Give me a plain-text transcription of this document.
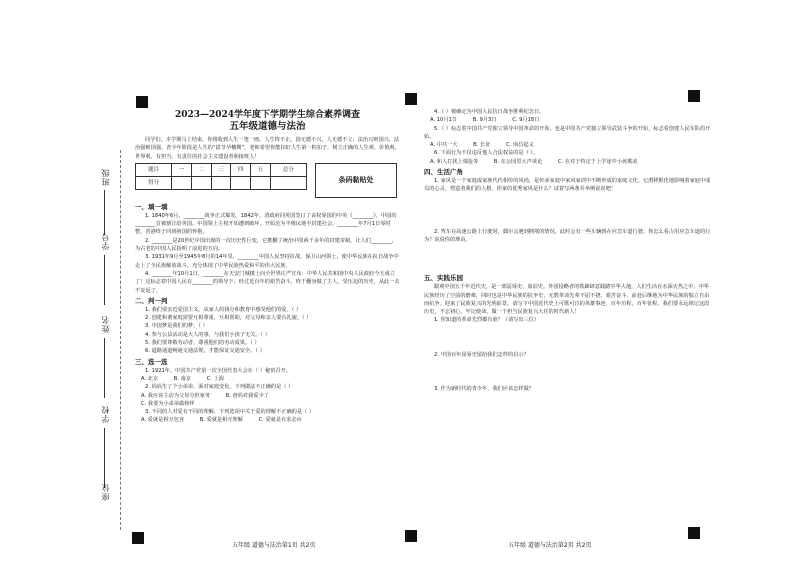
班级
学号
姓名
学校
座位
2023—2024学年度下学期学生综合素养调查
五年级道德与法治
同学们，本学期马上结束，你将收到人生一笔一画，人生终不止。国无德不兴，人无德不立；法治兴则国兴，法治强则国强。青少年阶段是人生的“拔节孕穗期”，老师希望你能扣好人生第一粒扣子，树立正确的人生观、价值观、世界观，有担当、有责任的社会主义建设者和接班人！
题目	一	二	三	四	五	总分
得分							条码黏贴处
一、填一填
1. 1840年6月，________战争正式爆发。1842年，清政府同英国签订了丧权辱国的中英《________》，中国的________首被割让给英国。中国领土主权开始遭到破坏，开始沦为半殖民地半封建社会。________年7月1日零时整，香港终于回到祖国的怀抱。
2. ________是20世纪中国出现的一次历史性巨变，它推翻了统治中国两千多年的封建帝制，让人们________，为古老的中国人民指明了前进的方向。
3. 1931年9月至1945年8月的14年里，________中国人民坚持抗战，保卫山河领土，使中华民族在抗日战争中走上了全民族解放战斗，充分体现了中华民族热爱和平的伟大民族。
4. ________年10月1日，________在天安门城楼上向全世界庄严宣布：中华人民共和国中央人民政府今天成立了！这标志着中国人民在________的领导下，经过近百年的艰苦奋斗，终于翻身做了主人，受压迫的历史，从此一去不复返了。
二、判一判
1. 我们要亲近爱国主义，从家人的钱分和教育中感受他们的爱。（ ）
2. 创建和谐家庭需要互相尊重，互相帮助，对父母和亲人要有礼貌。（ ）
3. 中国梦是我们的梦。（ ）
4. 参与公益活动是大人的事，与我们小孩子无关。（ ）
5. 我们要尊敬劳动者，尊重他们的劳动成果。（ ）
6. 道路通道畅通交通法规，才能保证交通安全。（ ）
三、选一选
1. 1921年，中国共产党第一次全国代表大会在（ ）秘密召开。
A. 北京	B. 南京	C. 上海
2. 妈妈生了个小弟弟，面对家庭变化，下列做法不正确的是（ ）
A. 我应该主动为父母分担家务	B. 爸妈对我爱少了
C. 我要为小弟弟做榜样
3. 不同的人对爱有不同的理解，下列选项中关于爱的理解不正确的是（ ）
A. 爱就是相互包容	B. 爱就是相互理解	C. 爱就是有求必应
五年级 道德与法治第1页 共2页
4.（ ）被确定为中国人民抗日战争胜利纪念日。
A. 10月1日	B. 9月3日	C. 9月18日
5.（ ）标志着中国共产党独立领导中国革命的开始，也是中国共产党独立领导武装斗争的开始，标志着创建人民军队的开始。
A. 中共一大	B. 长征	C. 南昌起义
6. 下面行为不仅违反他人合法权益的是（ ）。
A. 和人打扰上课抢等	B. 在公园里大声谈论	C. 在对于特定于上学途中小孩欺凌
四、生活广角
1. 家风是一个家庭或家族代代相传的风尚，是传承家庭中家风家训中不断形成的家庭文化。它潜移默化地影响着家庭中成员的心灵，塑造着我们的人格。你家的优秀家风是什么？试着写两条并举例说说吧！
2. 驾车在高速公路上行驶时，偶尔会遇到拥堵的情况。此时会有一些车辆到在应急车道行驶。你怎么看占用应急车道的行为？说说你的理由。
五、实践乐园
跋观中国五千年近代史，是一部屈辱史、血泪史。外国侵略者的铁蹄肆意践踏中华大地，人们生活在水深火热之中。中华民族经历了空前的磨难，同时也是中华民族的抗争史，无数革命先辈不屈不挠、艰苦奋斗，前赴后继地为中华民族的独立自由而抗争。迎来了民族复兴的光明前景。请写下中国近代史上可歌可泣的英雄事迹，百年历程，百年征程，我们要永远铭记这段历史，不忘初心，牢记使命，做一个担当民族复兴大任的时代新人！
1. 你知道的革命先烈都有谁？（请写出三位）
2. 中国百年屈辱史留给我们怎样的启示？
3. 作为新时代的青少年，我们应该怎样做？
五年级 道德与法治第2页 共2页
